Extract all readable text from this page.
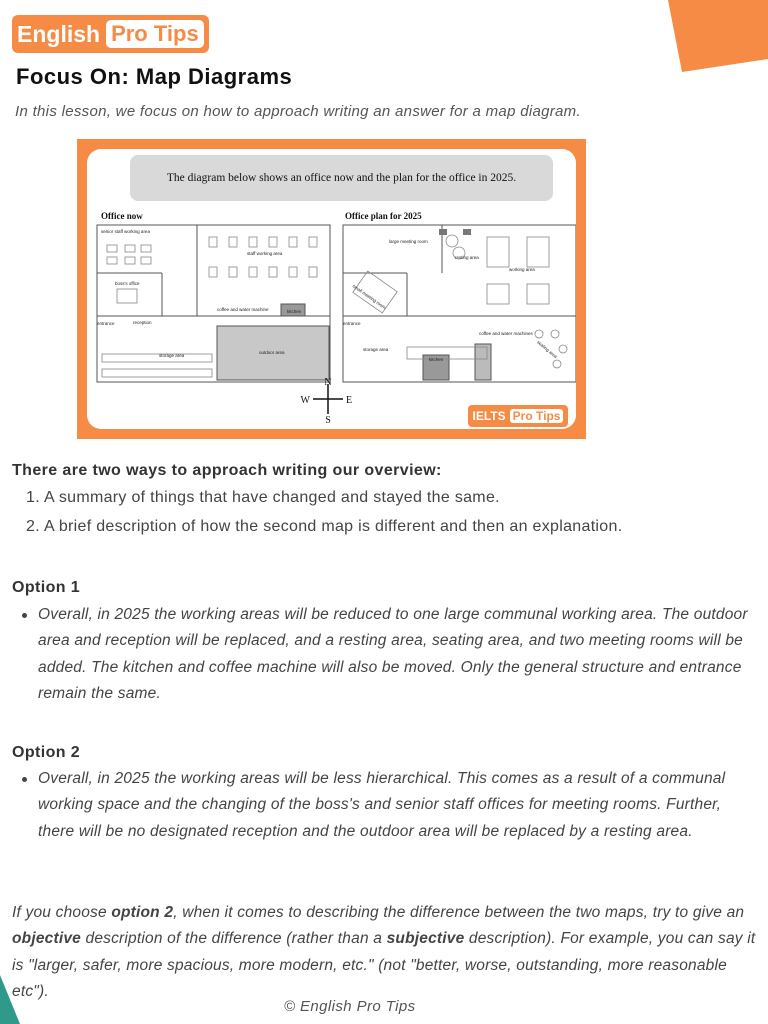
English Pro Tips
Focus On: Map Diagrams

In this lesson, we focus on how to approach writing an answer for a map diagram.

The diagram below shows an office now and the plan for the office in 2025.
Office now	Office plan for 2025
N
S
W	E
senior staff working area
staff working area
boss's office
coffee and water machine	kitchen
entrance	reception
outdoor area
storage area
large meeting room
resting area
working area
small meeting room
entrance
coffee and water machines
seating area
storage area
kitchen
IELTS Pro Tips

There are two ways to approach writing our overview:

1. A summary of things that have changed and stayed the same.
2. A brief description of how the second map is different and then an explanation.

Option 1

Overall, in 2025 the working areas will be reduced to one large communal working area. The outdoor area and reception will be replaced, and a resting area, seating area, and two meeting rooms will be added. The kitchen and coffee machine will also be moved. Only the general structure and entrance remain the same.

Option 2

Overall, in 2025 the working areas will be less hierarchical. This comes as a result of a communal working space and the changing of the boss's and senior staff offices for meeting rooms. Further, there will be no designated reception and the outdoor area will be replaced by a resting area.

If you choose option 2, when it comes to describing the difference between the two maps, try to give an objective description of the difference (rather than a subjective description). For example, you can say it is "larger, safer, more spacious, more modern, etc." (not "better, worse, outstanding, more reasonable etc").

© English Pro Tips
